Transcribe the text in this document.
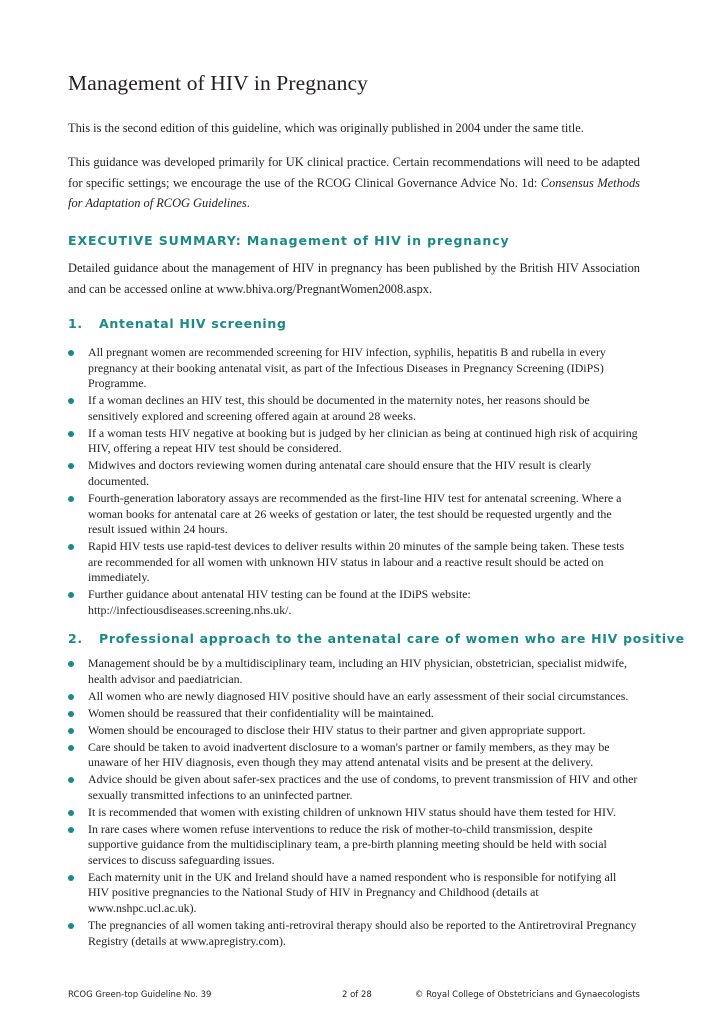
Management of HIV in Pregnancy

This is the second edition of this guideline, which was originally published in 2004 under the same title.

This guidance was developed primarily for UK clinical practice. Certain recommendations will need to be adapted for specific settings; we encourage the use of the RCOG Clinical Governance Advice No. 1d: Consensus Methods for Adaptation of RCOG Guidelines.

EXECUTIVE SUMMARY: Management of HIV in pregnancy

Detailed guidance about the management of HIV in pregnancy has been published by the British HIV Association and can be accessed online at www.bhiva.org/PregnantWomen2008.aspx.

1. Antenatal HIV screening
All pregnant women are recommended screening for HIV infection, syphilis, hepatitis B and rubella in every pregnancy at their booking antenatal visit, as part of the Infectious Diseases in Pregnancy Screening (IDiPS) Programme.
If a woman declines an HIV test, this should be documented in the maternity notes, her reasons should be sensitively explored and screening offered again at around 28 weeks.
If a woman tests HIV negative at booking but is judged by her clinician as being at continued high risk of acquiring HIV, offering a repeat HIV test should be considered.
Midwives and doctors reviewing women during antenatal care should ensure that the HIV result is clearly documented.
Fourth-generation laboratory assays are recommended as the first-line HIV test for antenatal screening. Where a woman books for antenatal care at 26 weeks of gestation or later, the test should be requested urgently and the result issued within 24 hours.
Rapid HIV tests use rapid-test devices to deliver results within 20 minutes of the sample being taken. These tests are recommended for all women with unknown HIV status in labour and a reactive result should be acted on immediately.
Further guidance about antenatal HIV testing can be found at the IDiPS website: http://infectiousdiseases.screening.nhs.uk/.
2. Professional approach to the antenatal care of women who are HIV positive
Management should be by a multidisciplinary team, including an HIV physician, obstetrician, specialist midwife, health advisor and paediatrician.
All women who are newly diagnosed HIV positive should have an early assessment of their social circumstances.
Women should be reassured that their confidentiality will be maintained.
Women should be encouraged to disclose their HIV status to their partner and given appropriate support.
Care should be taken to avoid inadvertent disclosure to a woman's partner or family members, as they may be unaware of her HIV diagnosis, even though they may attend antenatal visits and be present at the delivery.
Advice should be given about safer-sex practices and the use of condoms, to prevent transmission of HIV and other sexually transmitted infections to an uninfected partner.
It is recommended that women with existing children of unknown HIV status should have them tested for HIV.
In rare cases where women refuse interventions to reduce the risk of mother-to-child transmission, despite supportive guidance from the multidisciplinary team, a pre-birth planning meeting should be held with social services to discuss safeguarding issues.
Each maternity unit in the UK and Ireland should have a named respondent who is responsible for notifying all HIV positive pregnancies to the National Study of HIV in Pregnancy and Childhood (details at www.nshpc.ucl.ac.uk).
The pregnancies of all women taking anti-retroviral therapy should also be reported to the Antiretroviral Pregnancy Registry (details at www.apregistry.com).
RCOG Green-top Guideline No. 39	2 of 28	© Royal College of Obstetricians and Gynaecologists
